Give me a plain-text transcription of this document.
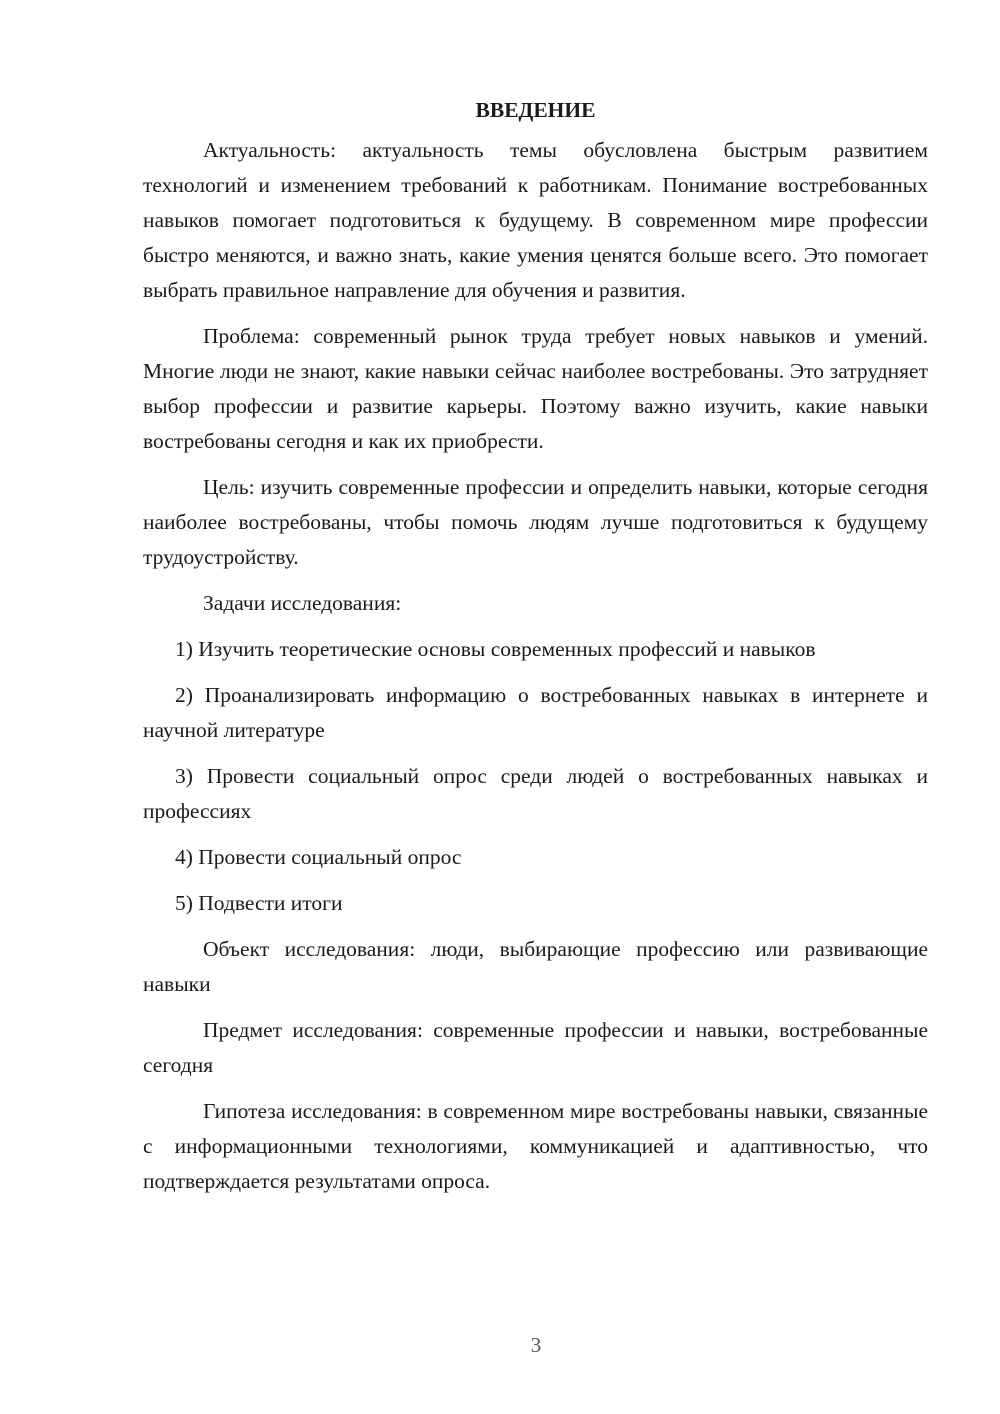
ВВЕДЕНИЕ

Актуальность: актуальность темы обусловлена быстрым развитием технологий и изменением требований к работникам. Понимание востребованных навыков помогает подготовиться к будущему. В современном мире профессии быстро меняются, и важно знать, какие умения ценятся больше всего. Это помогает выбрать правильное направление для обучения и развития.

Проблема: современный рынок труда требует новых навыков и умений. Многие люди не знают, какие навыки сейчас наиболее востребованы. Это затрудняет выбор профессии и развитие карьеры. Поэтому важно изучить, какие навыки востребованы сегодня и как их приобрести.

Цель: изучить современные профессии и определить навыки, которые сегодня наиболее востребованы, чтобы помочь людям лучше подготовиться к будущему трудоустройству.

Задачи исследования:

1) Изучить теоретические основы современных профессий и навыков

2) Проанализировать информацию о востребованных навыках в интернете и научной литературе

3) Провести социальный опрос среди людей о востребованных навыках и профессиях

4) Провести социальный опрос

5) Подвести итоги

Объект исследования: люди, выбирающие профессию или развивающие навыки

Предмет исследования: современные профессии и навыки, востребованные сегодня

Гипотеза исследования: в современном мире востребованы навыки, связанные с информационными технологиями, коммуникацией и адаптивностью, что подтверждается результатами опроса.

3
